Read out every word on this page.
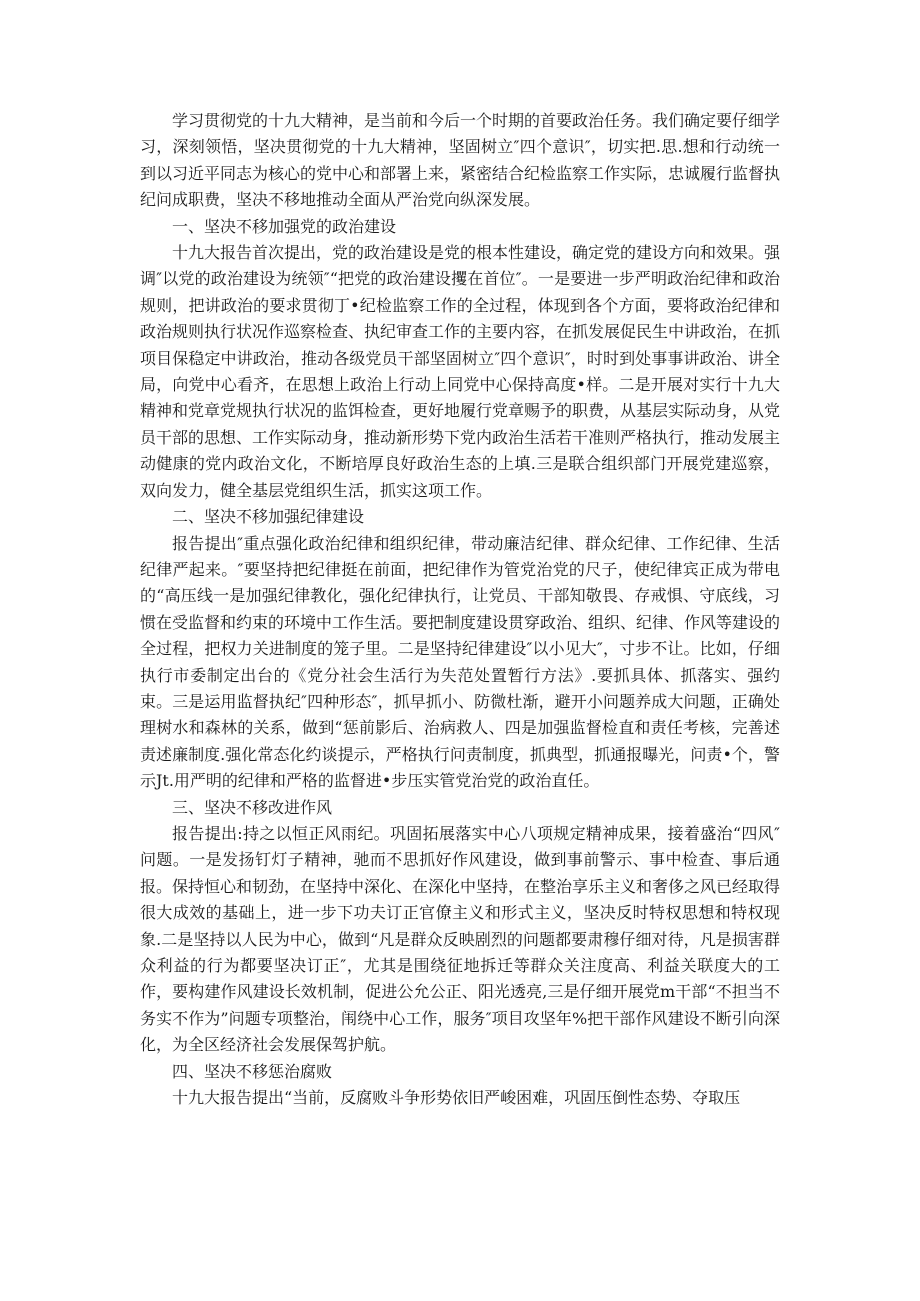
学习贯彻党的十九大精神，是当前和今后一个时期的首要政治任务。我们确定要仔细学习，深刻领悟，坚决贯彻党的十九大精神，坚固树立″四个意识″，切实把.思.想和行动统一到以习近平同志为核心的党中心和部署上来，紧密结合纪检监察工作实际，忠诚履行监督执纪问成职费，坚决不移地推动全面从严治党向纵深发展。

一、坚决不移加强党的政治建设

十九大报告首次提出，党的政治建设是党的根本性建设，确定党的建设方向和效果。强调″以党的政治建设为统领″“把党的政治建设攫在首位″。一是要进一步严明政治纪律和政治规则，把讲政治的要求贯彻丁•纪检监察工作的全过程，体现到各个方面，要将政治纪律和政治规则执行状况作巡察检查、执纪审查工作的主要内容，在抓发展促民生中讲政治，在抓项目保稳定中讲政治，推动各级党员干部坚固树立″四个意识″，时时到处事事讲政治、讲全局，向党中心看齐，在思想上政治上行动上同党中心保持高度•样。二是开展对实行十九大精神和党章党规执行状况的监饵检查，更好地履行党章赐予的职费，从基层实际动身，从党员干部的思想、工作实际动身，推动新形势下党内政治生活若干准则严格执行，推动发展主动健康的党内政治文化，不断培厚良好政治生态的上填.三是联合组织部门开展党建巡察，双向发力，健全基层党组织生活，抓实这项工作。

二、坚决不移加强纪律建设

报告提出″重点强化政治纪律和组织纪律，带动廉洁纪律、群众纪律、工作纪律、生活纪律严起来。″要坚持把纪律挺在前面，把纪律作为管党治党的尺子，使纪律宾正成为带电的“高压线一是加强纪律教化，强化纪律执行，让党员、干部知敬畏、存戒惧、守底线，习惯在受监督和约束的环境中工作生活。要把制度建设贯穿政治、组织、纪律、作风等建设的全过程，把权力关进制度的笼子里。二是坚持纪律建设″以小见大″，寸步不让。比如，仔细执行市委制定出台的《党分社会生活行为失范处置暂行方法》.要抓具体、抓落实、强约束。三是运用监督执纪″四种形态″，抓早抓小、防微杜渐，避开小问题养成大问题，正确处理树水和森林的关系，做到“惩前影后、治病救人、四是加强监督检直和责任考核，完善述责述廉制度.强化常态化约谈提示，严格执行问责制度，抓典型，抓通报曝光，问责•个，警示Jt.用严明的纪律和严格的监督进•步压实管党治党的政治直任。

三、坚决不移改进作风

报告提出:持之以恒正风雨纪。巩固拓展落实中心八项规定精神成果，接着盛治“四风″问题。一是发扬钉灯子精神，驰而不思抓好作风建设，做到事前警示、事中检查、事后通报。保持恒心和韧劲，在坚持中深化、在深化中坚持，在整治享乐主义和奢侈之风已经取得很大成效的基础上，进一步下功夫订正官僚主义和形式主义，坚决反时特权思想和特权现象.二是坚持以人民为中心，做到“凡是群众反映剧烈的问题都要肃穆仔细对待，凡是损害群众利益的行为都要坚决订正″，尤其是围绕征地拆迁等群众关注度高、利益关联度大的工作，要构建作风建设长效机制，促进公允公正、阳光透亮,三是仔细开展党m干部“不担当不务实不作为”问题专项整治，闱绕中心工作，服务″项目攻坚年%把干部作风建设不断引向深化，为全区经济社会发展保驾护航。

四、坚决不移惩治腐败

十九大报告提出“当前，反腐败斗争形势依旧严峻困难，巩固压倒性态势、夺取压
